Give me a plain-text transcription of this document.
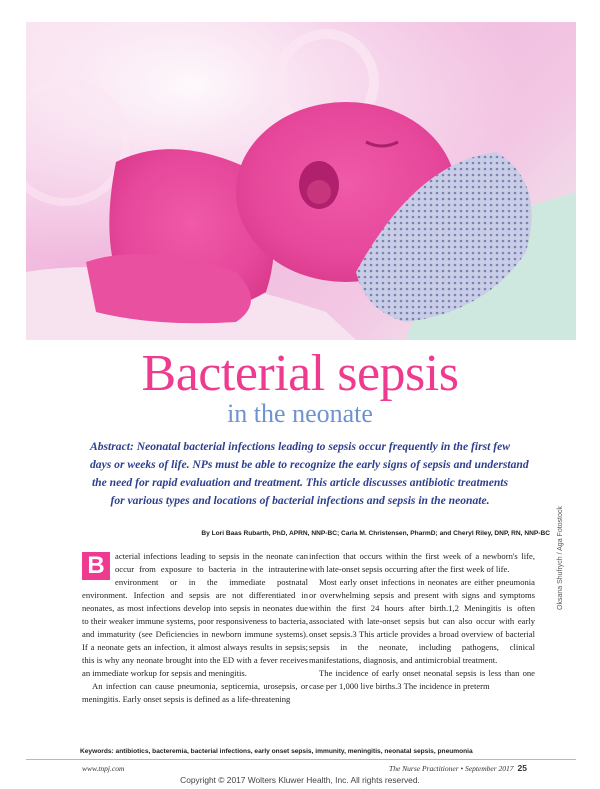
Oksana Shufrych / Aga Fotostock
Bacterial sepsis
in the neonate
Abstract: Neonatal bacterial infections leading to sepsis occur frequently in the first few
days or weeks of life. NPs must be able to recognize the early signs of sepsis and understand
the need for rapid evaluation and treatment. This article discusses antibiotic treatments
for various types and locations of bacterial infections and sepsis in the neonate.
By Lori Baas Rubarth, PhD, APRN, NNP-BC; Carla M. Christensen, PharmD; and Cheryl Riley, DNP, RN, NNP-BC

B	acterial infections leading to sepsis in the neonate can occur from exposure to bacteria in the intrauterine environment or in the immediate postnatal environment. Infection and sepsis are not differentiated in neonates, as most infections develop into sepsis in neonates due to their weaker immune systems, poor responsiveness to bacteria, and immaturity (see Deficiencies in newborn immune systems). If a neonate gets an infection, it almost always results in sepsis; this is why any neonate brought into the ED with a fever receives an immediate workup for sepsis and meningitis.

An infection can cause pneumonia, septicemia, urosepsis, or meningitis. Early onset sepsis is defined as a life-threatening

infection that occurs within the first week of a newborn's life, with late-onset sepsis occurring after the first week of life.

Most early onset infections in neonates are either pneumonia or overwhelming sepsis and present with signs and symptoms within the first 24 hours after birth.1,2 Meningitis is often associated with late-onset sepsis but can also occur with early onset sepsis.3 This article provides a broad overview of bacterial sepsis in the neonate, including pathogens, clinical manifestations, diagnosis, and antimicrobial treatment.

The incidence of early onset neonatal sepsis is less than one case per 1,000 live births.3 The incidence in preterm

Keywords: antibiotics, bacteremia, bacterial infections, early onset sepsis, immunity, meningitis, neonatal sepsis, pneumonia
www.tnpj.com	The Nurse Practitioner • September 2017 25
Copyright © 2017 Wolters Kluwer Health, Inc. All rights reserved.
